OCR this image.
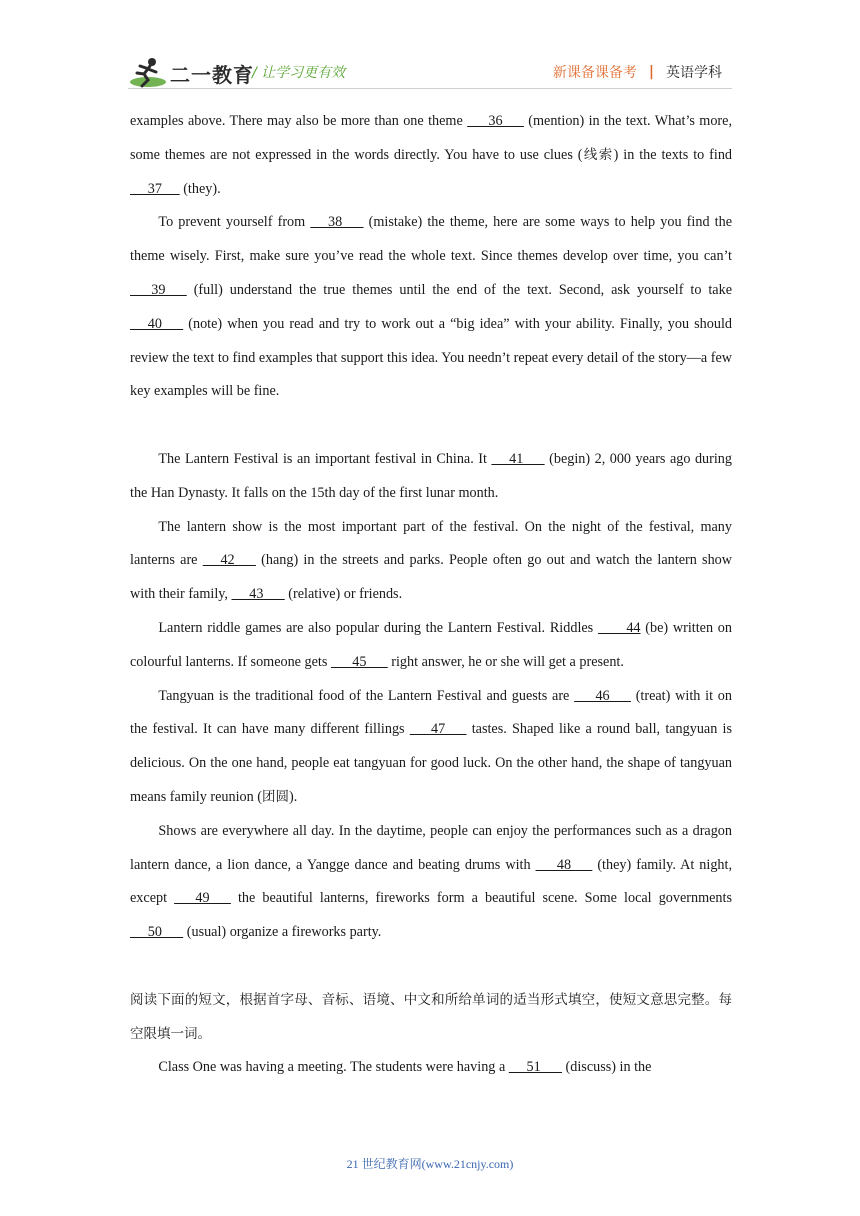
二一教育
/ 让学习更有效	新课备课备考 | 英语学科

examples above. There may also be more than one theme       36       (mention) in the text. What’s more, some themes are not expressed in the words directly. You have to use clues (线索) in the texts to find      37      (they).

To prevent yourself from      38       (mistake) the theme, here are some ways to help you find the theme wisely. First, make sure you’ve read the whole text. Since themes develop over time, you can’t       39       (full) understand the true themes until the end of the text. Second, ask yourself to take      40       (note) when you read and try to work out a “big idea” with your ability. Finally, you should review the text to find examples that support this idea. You needn’t repeat every detail of the story—a few key examples will be fine.

The Lantern Festival is an important festival in China. It      41       (begin) 2, 000 years ago during the Han Dynasty. It falls on the 15th day of the first lunar month.

The lantern show is the most important part of the festival. On the night of the festival, many lanterns are      42       (hang) in the streets and parks. People often go out and watch the lantern show with their family,      43       (relative) or friends.

Lantern riddle games are also popular during the Lantern Festival. Riddles         44 (be) written on colourful lanterns. If someone gets       45       right answer, he or she will get a present.

Tangyuan is the traditional food of the Lantern Festival and guests are       46       (treat) with it on the festival. It can have many different fillings       47       tastes. Shaped like a round ball, tangyuan is delicious. On the one hand, people eat tangyuan for good luck. On the other hand, the shape of tangyuan means family reunion (团圆).

Shows are everywhere all day. In the daytime, people can enjoy the performances such as a dragon lantern dance, a lion dance, a Yangge dance and beating drums with       48       (they) family. At night, except       49       the beautiful lanterns, fireworks form a beautiful scene. Some local governments      50       (usual) organize a fireworks party.

阅读下面的短文，根据首字母、音标、语境、中文和所给单词的适当形式填空，使短文意思完整。每空限填一词。

Class One was having a meeting. The students were having a      51       (discuss) in the

21 世纪教育网(www.21cnjy.com)
